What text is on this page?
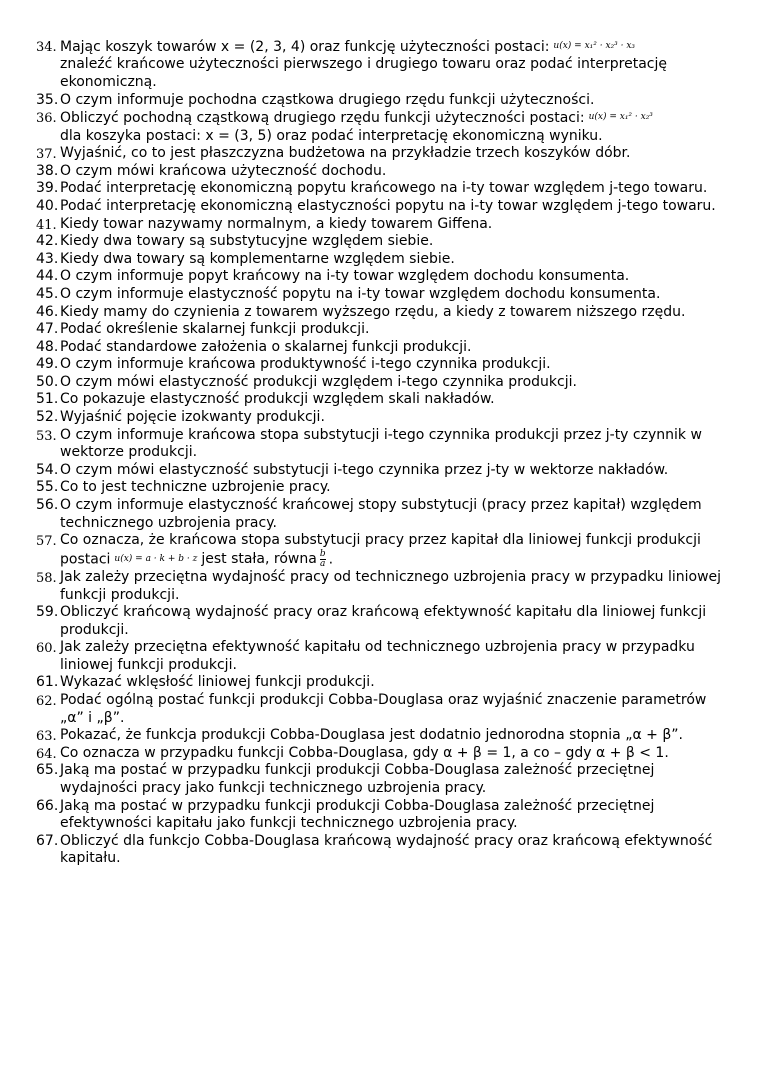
34. Mając koszyk towarów x = (2, 3, 4) oraz funkcję użyteczności postaci: u(x) = x₁² · x₂³ · x₃
znaleźć krańcowe użyteczności pierwszego i drugiego towaru oraz podać interpretację ekonomiczną.
35. O czym informuje pochodna cząstkowa drugiego rzędu funkcji użyteczności.
36. Obliczyć pochodną cząstkową drugiego rzędu funkcji użyteczności postaci: u(x) = x₁² · x₂³
dla koszyka postaci: x = (3, 5) oraz podać interpretację ekonomiczną wyniku.
37. Wyjaśnić, co to jest płaszczyzna budżetowa na przykładzie trzech koszyków dóbr.
38. O czym mówi krańcowa użyteczność dochodu.
39. Podać interpretację ekonomiczną popytu krańcowego na i-ty towar względem j-tego towaru.
40. Podać interpretację ekonomiczną elastyczności popytu na i-ty towar względem j-tego towaru.
41. Kiedy towar nazywamy normalnym, a kiedy towarem Giffena.
42. Kiedy dwa towary są substytucyjne względem siebie.
43. Kiedy dwa towary są komplementarne względem siebie.
44. O czym informuje popyt krańcowy na i-ty towar względem dochodu konsumenta.
45. O czym informuje elastyczność popytu na i-ty towar względem dochodu konsumenta.
46. Kiedy mamy do czynienia z towarem wyższego rzędu, a kiedy z towarem niższego rzędu.
47. Podać określenie skalarnej funkcji produkcji.
48. Podać standardowe założenia o skalarnej funkcji produkcji.
49. O czym informuje krańcowa produktywność i-tego czynnika produkcji.
50. O czym mówi elastyczność produkcji względem i-tego czynnika produkcji.
51. Co pokazuje elastyczność produkcji względem skali nakładów.
52. Wyjaśnić pojęcie izokwanty produkcji.
53. O czym informuje krańcowa stopa substytucji i-tego czynnika produkcji przez j-ty czynnik w wektorze produkcji.
54. O czym mówi elastyczność substytucji i-tego czynnika przez j-ty w wektorze nakładów.
55. Co to jest techniczne uzbrojenie pracy.
56. O czym informuje elastyczność krańcowej stopy substytucji (pracy przez kapitał) względem technicznego uzbrojenia pracy.
57. Co oznacza, że krańcowa stopa substytucji pracy przez kapitał dla liniowej funkcji produkcji postaci u(x) = a · k + b · z jest stała, równa $\frac{b}{a}$ .
58. Jak zależy przeciętna wydajność pracy od technicznego uzbrojenia pracy w przypadku liniowej funkcji produkcji.
59. Obliczyć krańcową wydajność pracy oraz krańcową efektywność kapitału dla liniowej funkcji produkcji.
60. Jak zależy przeciętna efektywność kapitału od technicznego uzbrojenia pracy w przypadku liniowej funkcji produkcji.
61. Wykazać wklęsłość liniowej funkcji produkcji.
62. Podać ogólną postać funkcji produkcji Cobba-Douglasa oraz wyjaśnić znaczenie parametrów „α” i „β”.
63. Pokazać, że funkcja produkcji Cobba-Douglasa jest dodatnio jednorodna stopnia „α + β”.
64. Co oznacza w przypadku funkcji Cobba-Douglasa, gdy α + β = 1, a co – gdy α + β < 1.
65. Jaką ma postać w przypadku funkcji produkcji Cobba-Douglasa zależność przeciętnej wydajności pracy jako funkcji technicznego uzbrojenia pracy.
66. Jaką ma postać w przypadku funkcji produkcji Cobba-Douglasa zależność przeciętnej efektywności kapitału jako funkcji technicznego uzbrojenia pracy.
67. Obliczyć dla funkcjo Cobba-Douglasa krańcową wydajność pracy oraz krańcową efektywność kapitału.
